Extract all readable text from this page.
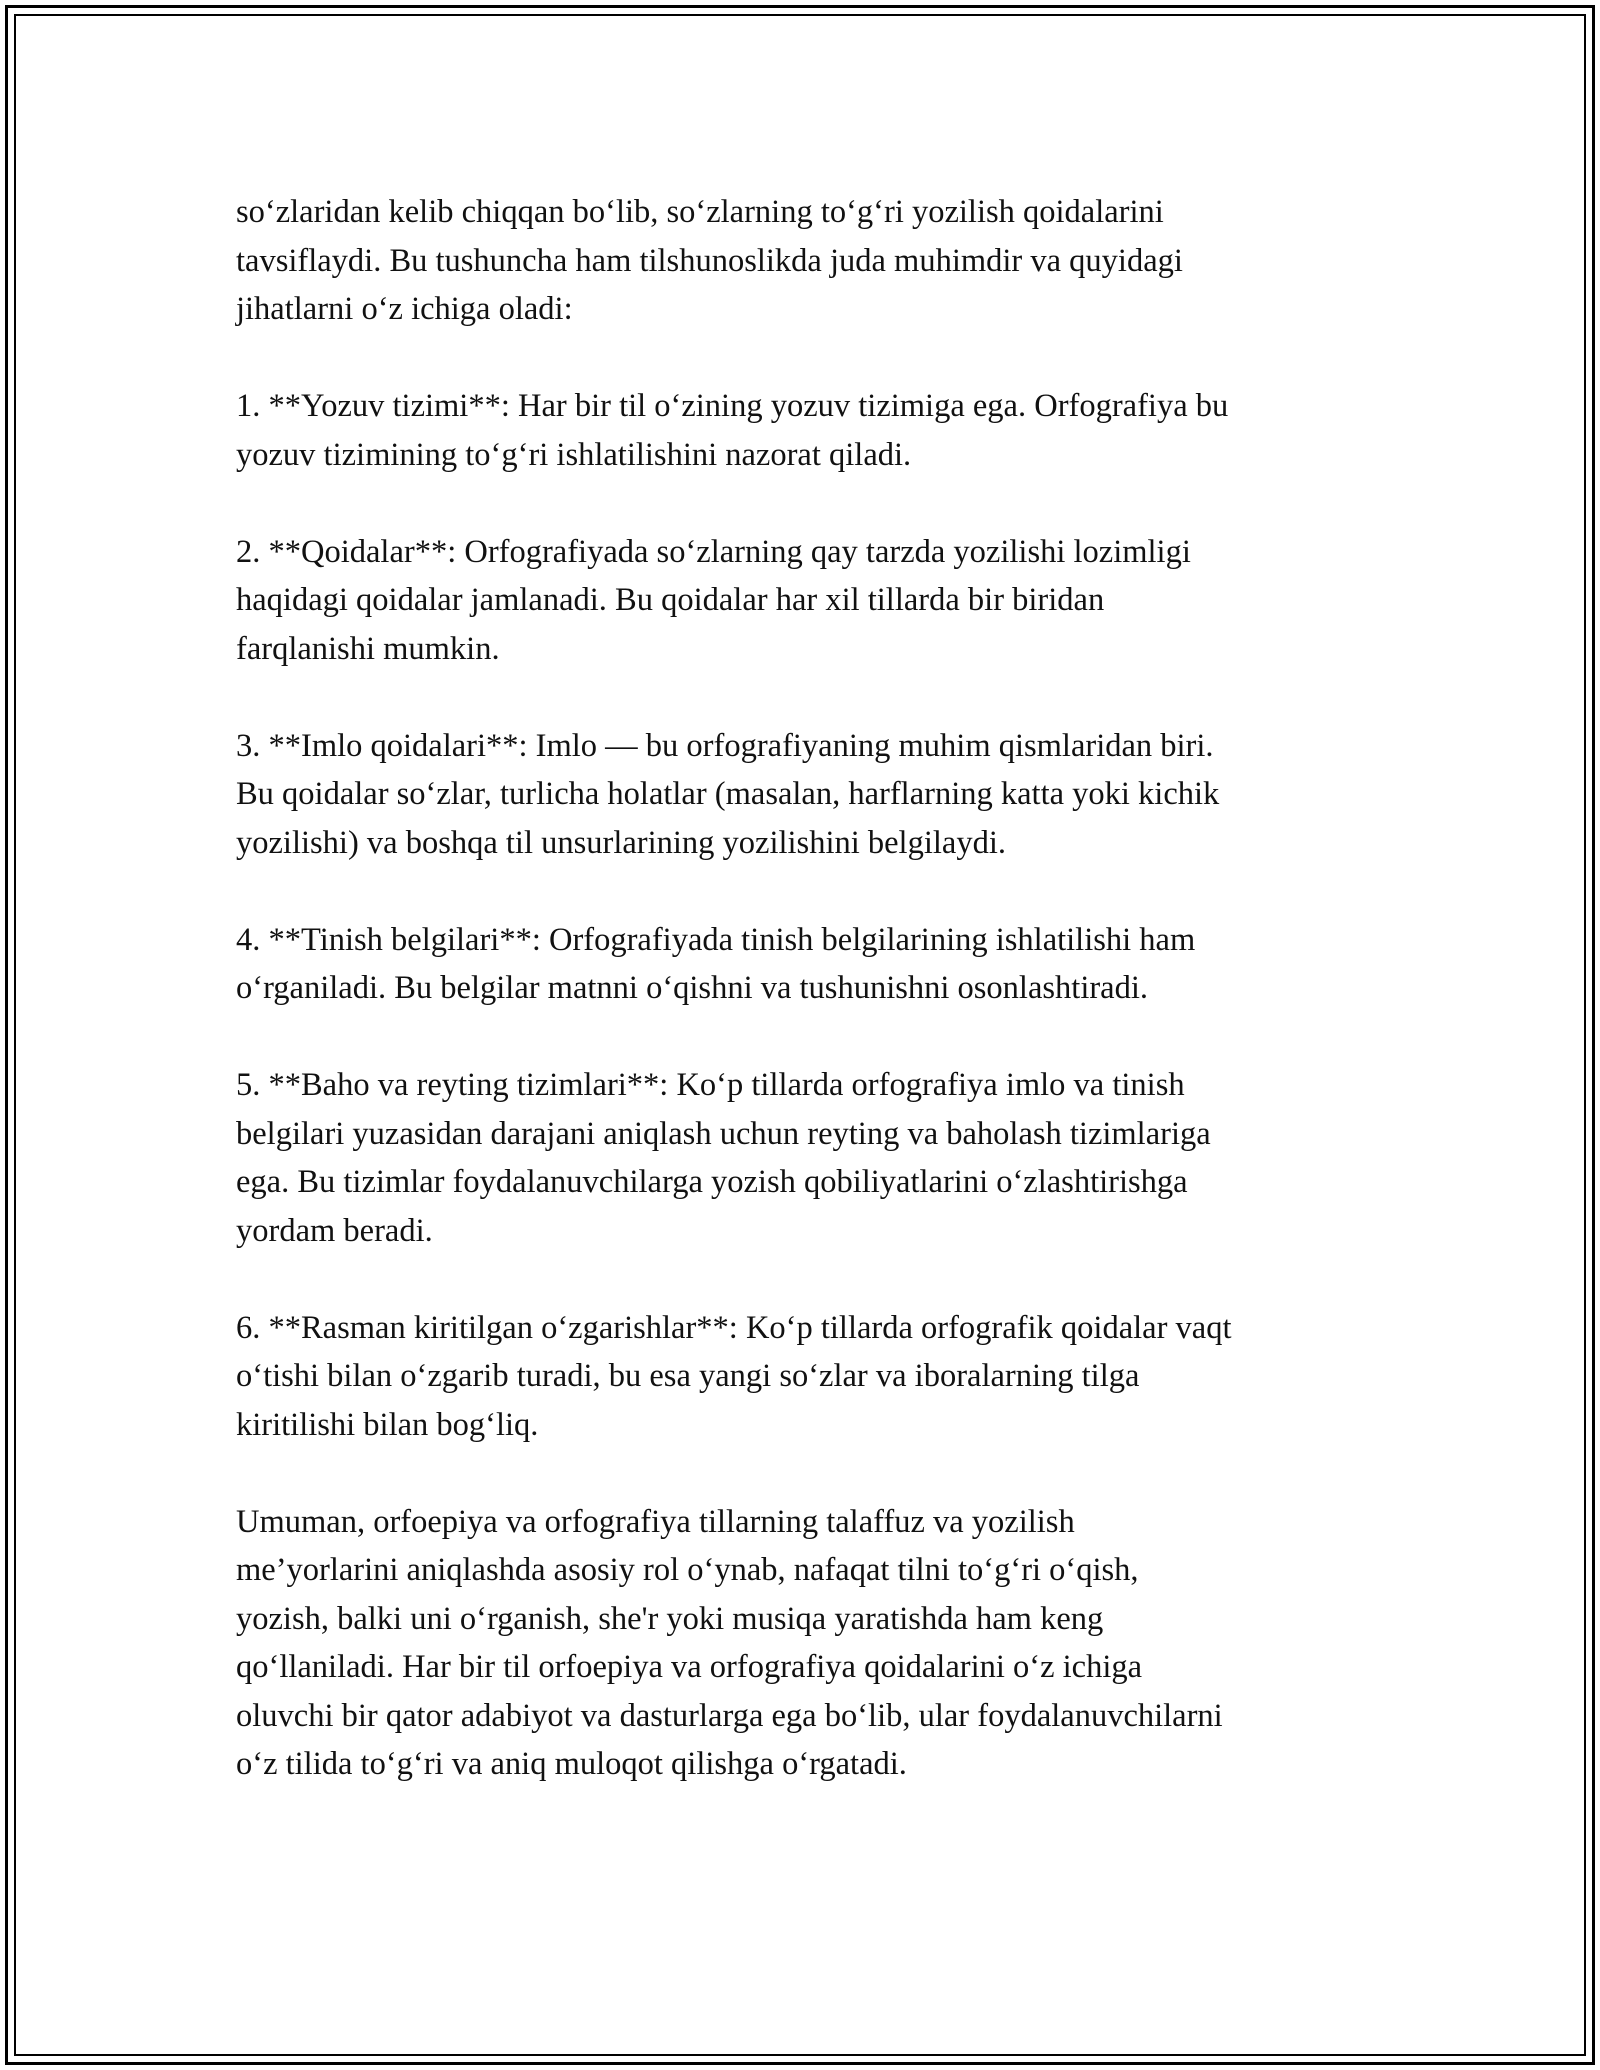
so‘zlaridan kelib chiqqan bo‘lib, so‘zlarning to‘g‘ri yozilish qoidalarini
tavsiflaydi. Bu tushuncha ham tilshunoslikda juda muhimdir va quyidagi
jihatlarni o‘z ichiga oladi:

1. **Yozuv tizimi**: Har bir til o‘zining yozuv tizimiga ega. Orfografiya bu
yozuv tizimining to‘g‘ri ishlatilishini nazorat qiladi.

2. **Qoidalar**: Orfografiyada so‘zlarning qay tarzda yozilishi lozimligi
haqidagi qoidalar jamlanadi. Bu qoidalar har xil tillarda bir biridan
farqlanishi mumkin.

3. **Imlo qoidalari**: Imlo — bu orfografiyaning muhim qismlaridan biri.
Bu qoidalar so‘zlar, turlicha holatlar (masalan, harflarning katta yoki kichik
yozilishi) va boshqa til unsurlarining yozilishini belgilaydi.

4. **Tinish belgilari**: Orfografiyada tinish belgilarining ishlatilishi ham
o‘rganiladi. Bu belgilar matnni o‘qishni va tushunishni osonlashtiradi.

5. **Baho va reyting tizimlari**: Ko‘p tillarda orfografiya imlo va tinish
belgilari yuzasidan darajani aniqlash uchun reyting va baholash tizimlariga
ega. Bu tizimlar foydalanuvchilarga yozish qobiliyatlarini o‘zlashtirishga
yordam beradi.

6. **Rasman kiritilgan o‘zgarishlar**: Ko‘p tillarda orfografik qoidalar vaqt
o‘tishi bilan o‘zgarib turadi, bu esa yangi so‘zlar va iboralarning tilga
kiritilishi bilan bog‘liq.

Umuman, orfoepiya va orfografiya tillarning talaffuz va yozilish
me’yorlarini aniqlashda asosiy rol o‘ynab, nafaqat tilni to‘g‘ri o‘qish,
yozish, balki uni o‘rganish, she'r yoki musiqa yaratishda ham keng
qo‘llaniladi. Har bir til orfoepiya va orfografiya qoidalarini o‘z ichiga
oluvchi bir qator adabiyot va dasturlarga ega bo‘lib, ular foydalanuvchilarni
o‘z tilida to‘g‘ri va aniq muloqot qilishga o‘rgatadi.
